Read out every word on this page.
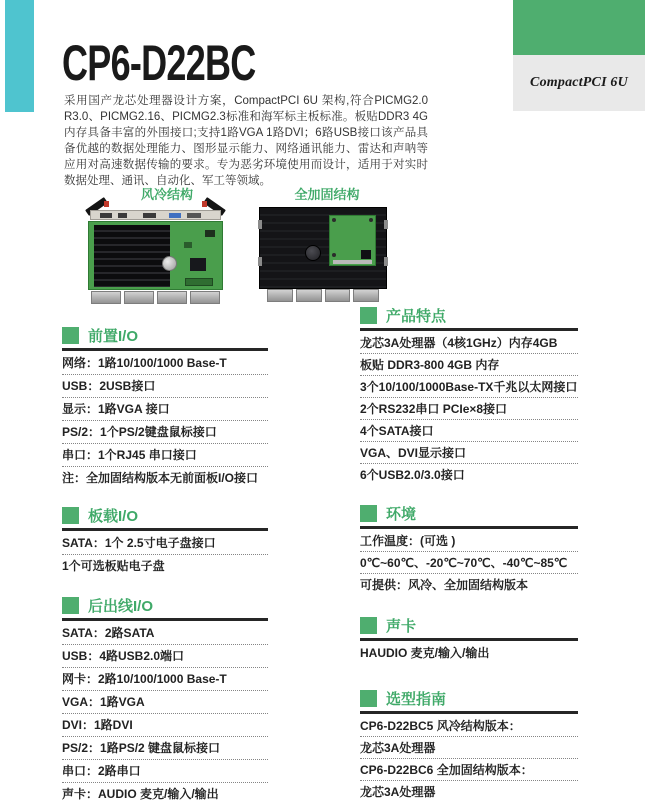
CompactPCI 6U
CP6-D22BC
采用国产龙芯处理器设计方案，CompactPCI 6U 架构,符合PICMG2.0 R3.0、PICMG2.16、PICMG2.3标准和海军标主板标准。板贴DDR3 4G内存具备丰富的外围接口;支持1路VGA 1路DVI；6路USB接口该产品具备优越的数据处理能力、图形显示能力、网络通讯能力、雷达和声呐等应用对高速数据传输的要求。专为恶劣环境使用而设计，适用于对实时数据处理、通讯、自动化、军工等领域。
风冷结构	全加固结构
前置I/O
网络：1路10/100/1000 Base-T
USB：2USB接口
显示：1路VGA 接口
PS/2：1个PS/2键盘鼠标接口
串口：1个RJ45 串口接口
注：全加固结构版本无前面板I/O接口
板载I/O
SATA：1个 2.5寸电子盘接口
1个可选板贴电子盘
后出线I/O
SATA：2路SATA
USB：4路USB2.0端口
网卡：2路10/100/1000 Base-T
VGA：1路VGA
DVI：1路DVI
PS/2：1路PS/2 键盘鼠标接口
串口：2路串口
声卡：AUDIO 麦克/输入/输出
产品特点
龙芯3A处理器（4核1GHz）内存4GB
板贴 DDR3-800 4GB 内存
3个10/100/1000Base-TX千兆以太网接口
2个RS232串口 PCIe×8接口
4个SATA接口
VGA、DVI显示接口
6个USB2.0/3.0接口
环境
工作温度：(可选 )
0℃~60℃、-20℃~70℃、-40℃~85℃
可提供：风冷、全加固结构版本
声卡
HAUDIO 麦克/输入/输出
选型指南
CP6-D22BC5 风冷结构版本：
龙芯3A处理器
CP6-D22BC6 全加固结构版本：
龙芯3A处理器
